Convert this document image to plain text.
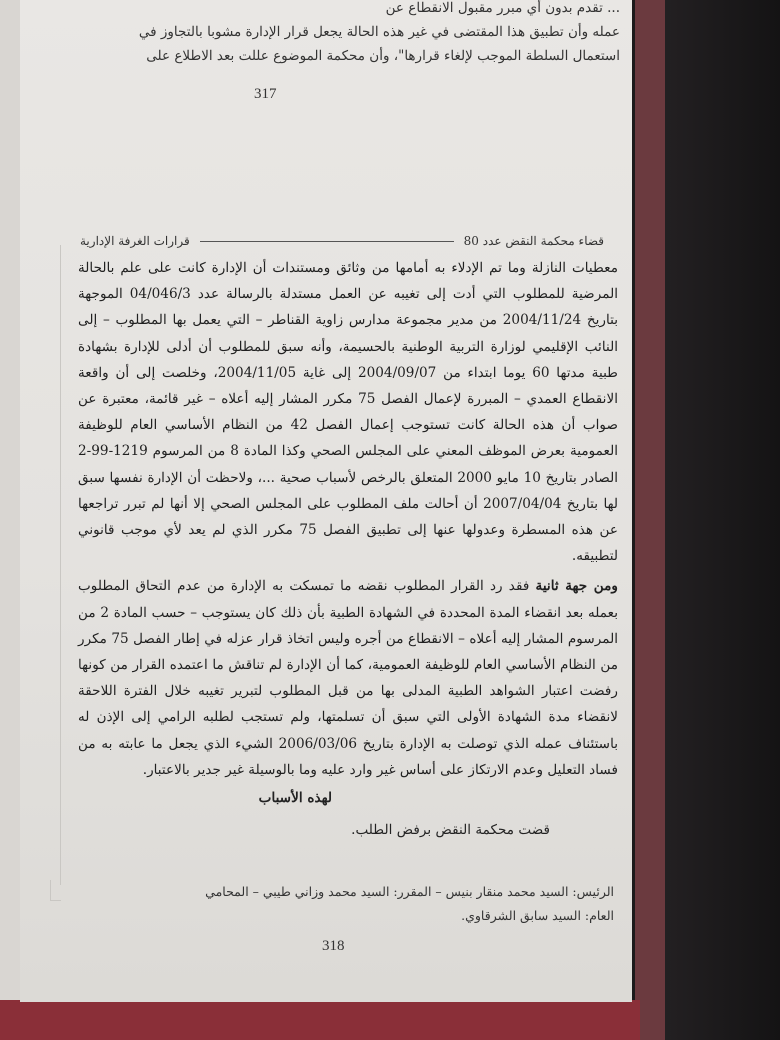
... تقدم بدون أي مبرر مقبول الانقطاع عن
عمله وأن تطبيق هذا المقتضى في غير هذه الحالة يجعل قرار الإدارة مشوبا بالتجاوز في
استعمال السلطة الموجب لإلغاء قرارها"، وأن محكمة الموضوع عللت بعد الاطلاع على
317
قضاء محكمة النقض عدد 80
قرارات الغرفة الإدارية

معطيات النازلة وما تم الإدلاء به أمامها من وثائق ومستندات أن الإدارة كانت على علم بالحالة المرضية للمطلوب التي أدت إلى تغيبه عن العمل مستدلة بالرسالة عدد 04/046/3 الموجهة بتاريخ 2004/11/24 من مدير مجموعة مدارس زاوية القناطر – التي يعمل بها المطلوب – إلى النائب الإقليمي لوزارة التربية الوطنية بالحسيمة، وأنه سبق للمطلوب أن أدلى للإدارة بشهادة طبية مدتها 60 يوما ابتداء من 2004/09/07 إلى غاية 2004/11/05، وخلصت إلى أن واقعة الانقطاع العمدي – المبررة لإعمال الفصل 75 مكرر المشار إليه أعلاه – غير قائمة، معتبرة عن صواب أن هذه الحالة كانت تستوجب إعمال الفصل 42 من النظام الأساسي العام للوظيفة العمومية بعرض الموظف المعني على المجلس الصحي وكذا المادة 8 من المرسوم 1219-99-2 الصادر بتاريخ 10 مايو 2000 المتعلق بالرخص لأسباب صحية ...، ولاحظت أن الإدارة نفسها سبق لها بتاريخ 2007/04/04 أن أحالت ملف المطلوب على المجلس الصحي إلا أنها لم تبرر تراجعها عن هذه المسطرة وعدولها عنها إلى تطبيق الفصل 75 مكرر الذي لم يعد لأي موجب قانوني لتطبيقه.

ومن جهة ثانية فقد رد القرار المطلوب نقضه ما تمسكت به الإدارة من عدم التحاق المطلوب بعمله بعد انقضاء المدة المحددة في الشهادة الطبية بأن ذلك كان يستوجب – حسب المادة 2 من المرسوم المشار إليه أعلاه – الانقطاع من أجره وليس اتخاذ قرار عزله في إطار الفصل 75 مكرر من النظام الأساسي العام للوظيفة العمومية، كما أن الإدارة لم تناقش ما اعتمده القرار من كونها رفضت اعتبار الشواهد الطبية المدلى بها من قبل المطلوب لتبرير تغيبه خلال الفترة اللاحقة لانقضاء مدة الشهادة الأولى التي سبق أن تسلمتها، ولم تستجب لطلبه الرامي إلى الإذن له باستئناف عمله الذي توصلت به الإدارة بتاريخ 2006/03/06 الشيء الذي يجعل ما عابته به من فساد التعليل وعدم الارتكاز على أساس غير وارد عليه وما بالوسيلة غير جدير بالاعتبار.

لهذه الأسباب
قضت محكمة النقض برفض الطلب.
الرئيس: السيد محمد منقار بنيس – المقرر: السيد محمد وزاني طيبي – المحامي
العام: السيد سابق الشرقاوي.
318
